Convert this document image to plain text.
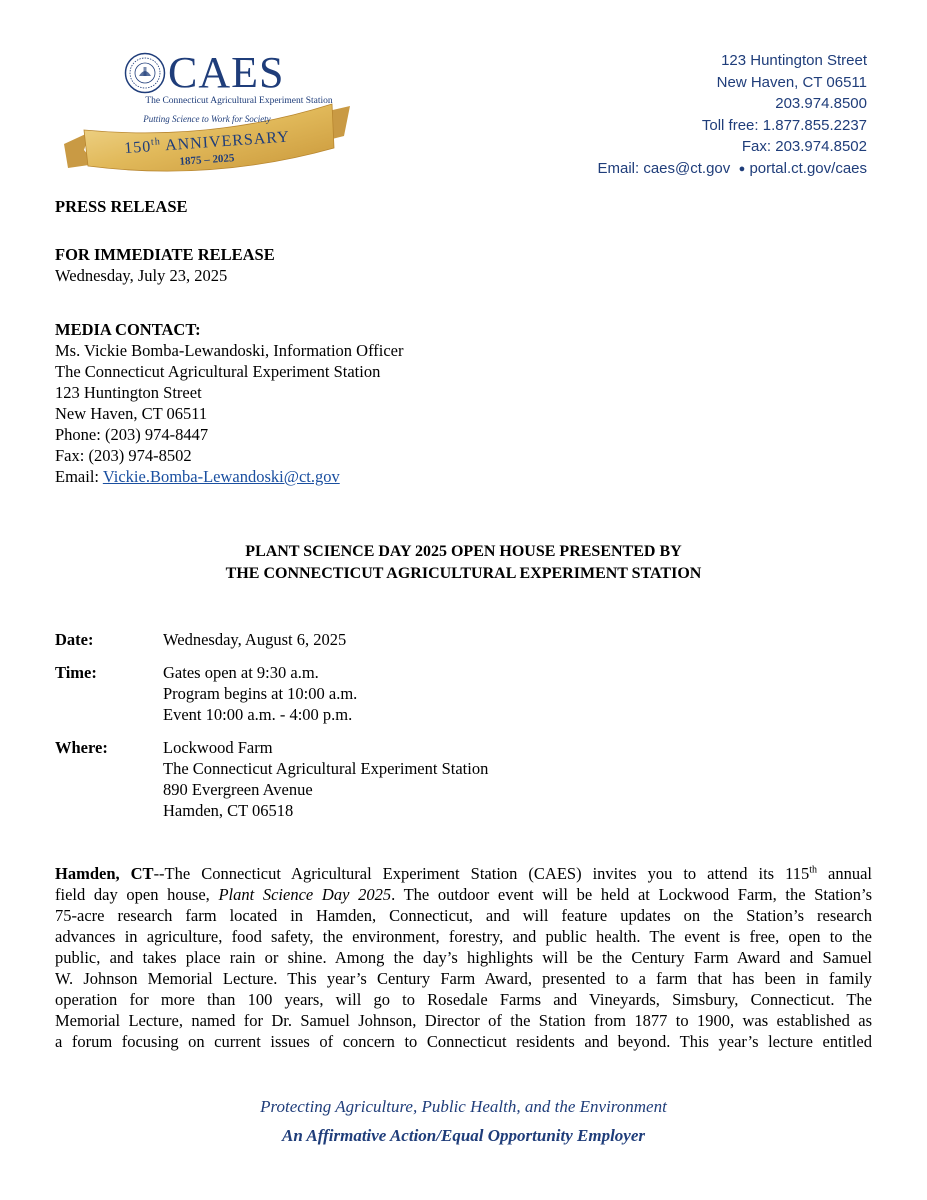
CAES
The Connecticut Agricultural Experiment Station
Putting Science to Work for Society
150th ANNIVERSARY
1875 – 2025
123 Huntington Street
New Haven, CT 06511
203.974.8500
Toll free: 1.877.855.2237
Fax: 203.974.8502
Email: caes@ct.gov ● portal.ct.gov/caes
PRESS RELEASE
FOR IMMEDIATE RELEASE
Wednesday, July 23, 2025
MEDIA CONTACT:
Ms. Vickie Bomba-Lewandoski, Information Officer
The Connecticut Agricultural Experiment Station
123 Huntington Street
New Haven, CT 06511
Phone: (203) 974-8447
Fax: (203) 974-8502
Email: Vickie.Bomba-Lewandoski@ct.gov
PLANT SCIENCE DAY 2025 OPEN HOUSE PRESENTED BY
THE CONNECTICUT AGRICULTURAL EXPERIMENT STATION
Date:	Wednesday, August 6, 2025
Time:	Gates open at 9:30 a.m.
Program begins at 10:00 a.m.
Event 10:00 a.m. - 4:00 p.m.
Where:	Lockwood Farm
The Connecticut Agricultural Experiment Station
890 Evergreen Avenue
Hamden, CT 06518
Hamden, CT--The Connecticut Agricultural Experiment Station (CAES) invites you to attend its 115th annual
field day open house, Plant Science Day 2025. The outdoor event will be held at Lockwood Farm, the Station’s
75-acre research farm located in Hamden, Connecticut, and will feature updates on the Station’s research
advances in agriculture, food safety, the environment, forestry, and public health. The event is free, open to the
public, and takes place rain or shine. Among the day’s highlights will be the Century Farm Award and Samuel
W. Johnson Memorial Lecture. This year’s Century Farm Award, presented to a farm that has been in family
operation for more than 100 years, will go to Rosedale Farms and Vineyards, Simsbury, Connecticut. The
Memorial Lecture, named for Dr. Samuel Johnson, Director of the Station from 1877 to 1900, was established as
a forum focusing on current issues of concern to Connecticut residents and beyond. This year’s lecture entitled
Protecting Agriculture, Public Health, and the Environment
An Affirmative Action/Equal Opportunity Employer
